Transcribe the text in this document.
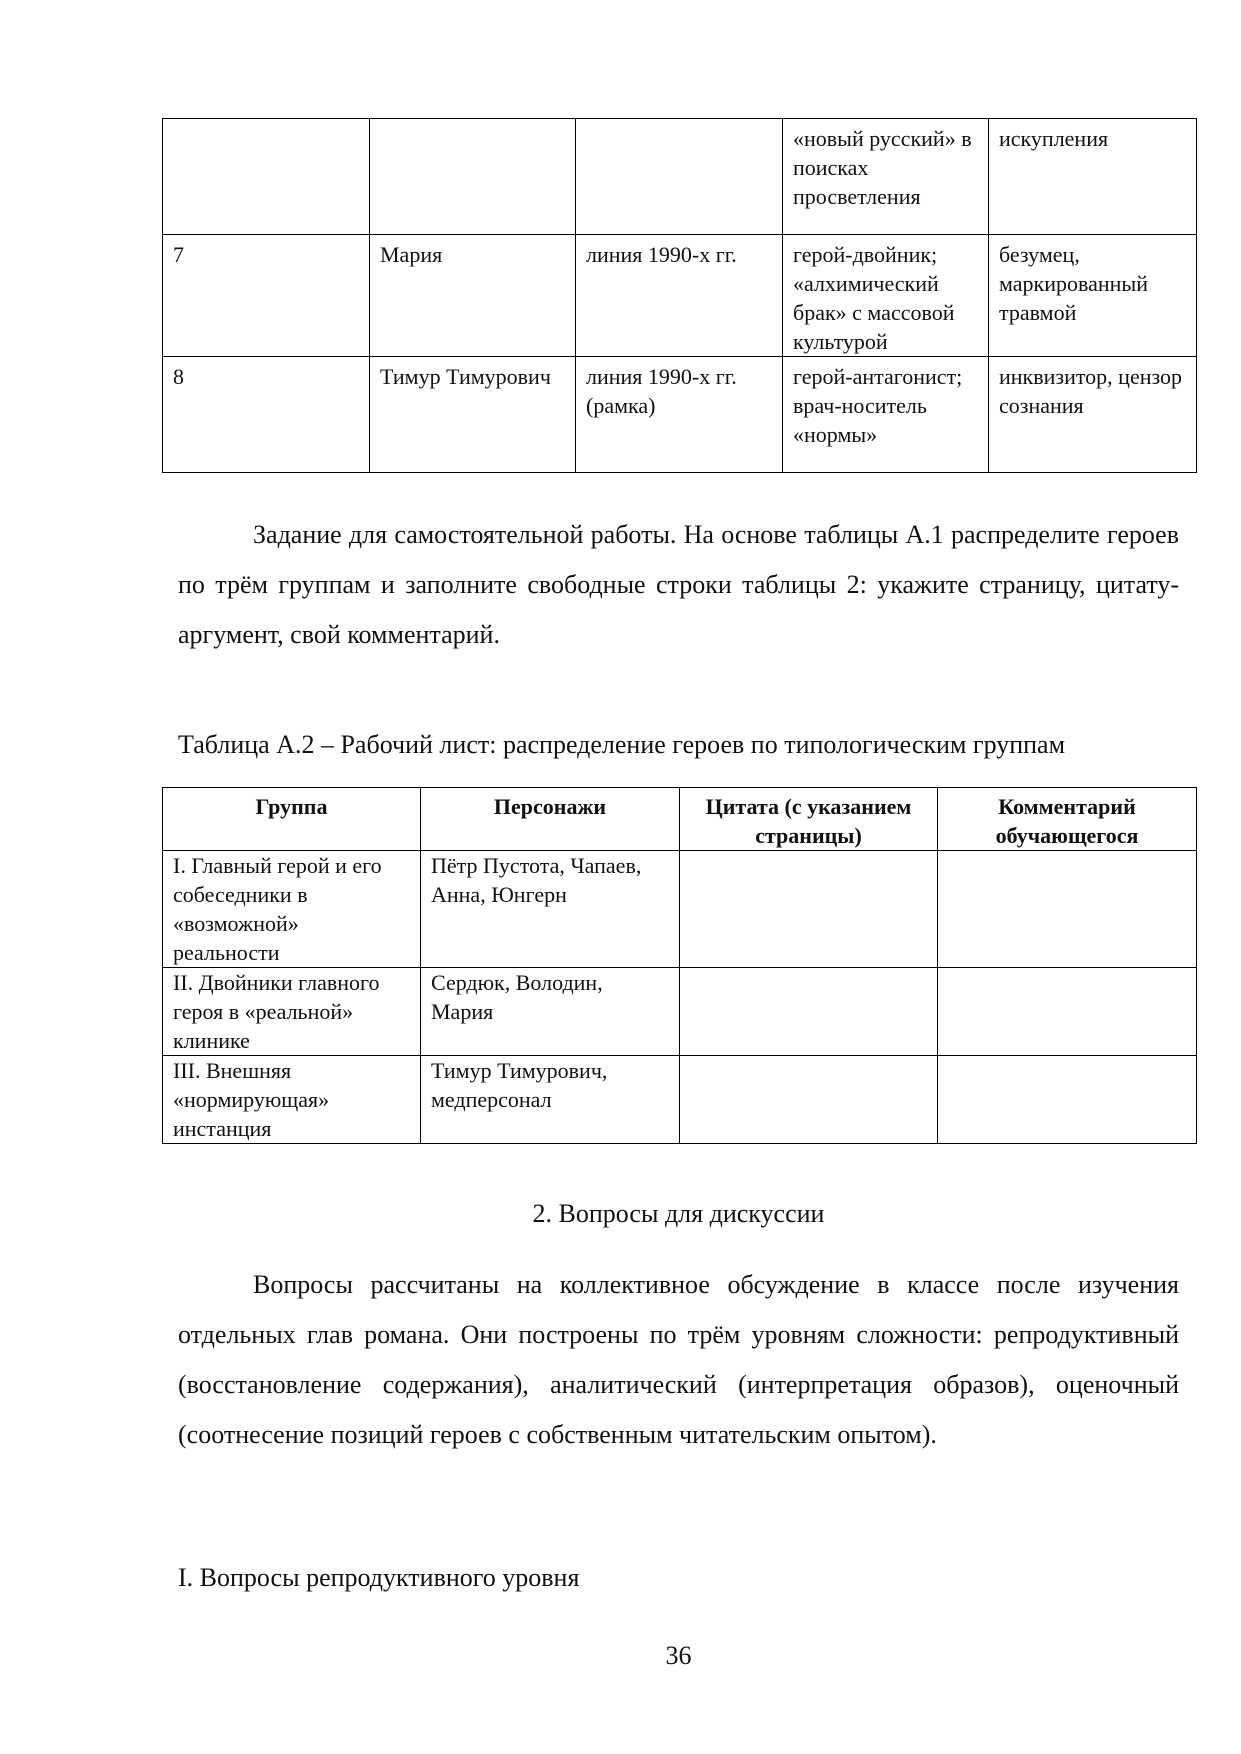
			«новый русский» в поисках просветления	искупления
7	Мария	линия 1990-х гг.	герой-двойник; «алхимический брак» с массовой культурой	безумец, маркированный травмой
8	Тимур Тимурович	линия 1990-х гг. (рамка)	герой-антагонист; врач-носитель «нормы»	инквизитор, цензор сознания

Задание для самостоятельной работы. На основе таблицы А.1 распределите героев по трём группам и заполните свободные строки таблицы 2: укажите страницу, цитату-аргумент, свой комментарий.

Таблица А.2 – Рабочий лист: распределение героев по типологическим группам

Группа	Персонажи	Цитата (с указанием страницы)	Комментарий обучающегося
I. Главный герой и его собеседники в «возможной» реальности	Пётр Пустота, Чапаев, Анна, Юнгерн		
II. Двойники главного героя в «реальной» клинике	Сердюк, Володин, Мария		
III. Внешняя «нормирующая» инстанция	Тимур Тимурович, медперсонал		

2. Вопросы для дискуссии

Вопросы рассчитаны на коллективное обсуждение в классе после изучения отдельных глав романа. Они построены по трём уровням сложности: репродуктивный (восстановление содержания), аналитический (интерпретация образов), оценочный (соотнесение позиций героев с собственным читательским опытом).

I. Вопросы репродуктивного уровня

36
